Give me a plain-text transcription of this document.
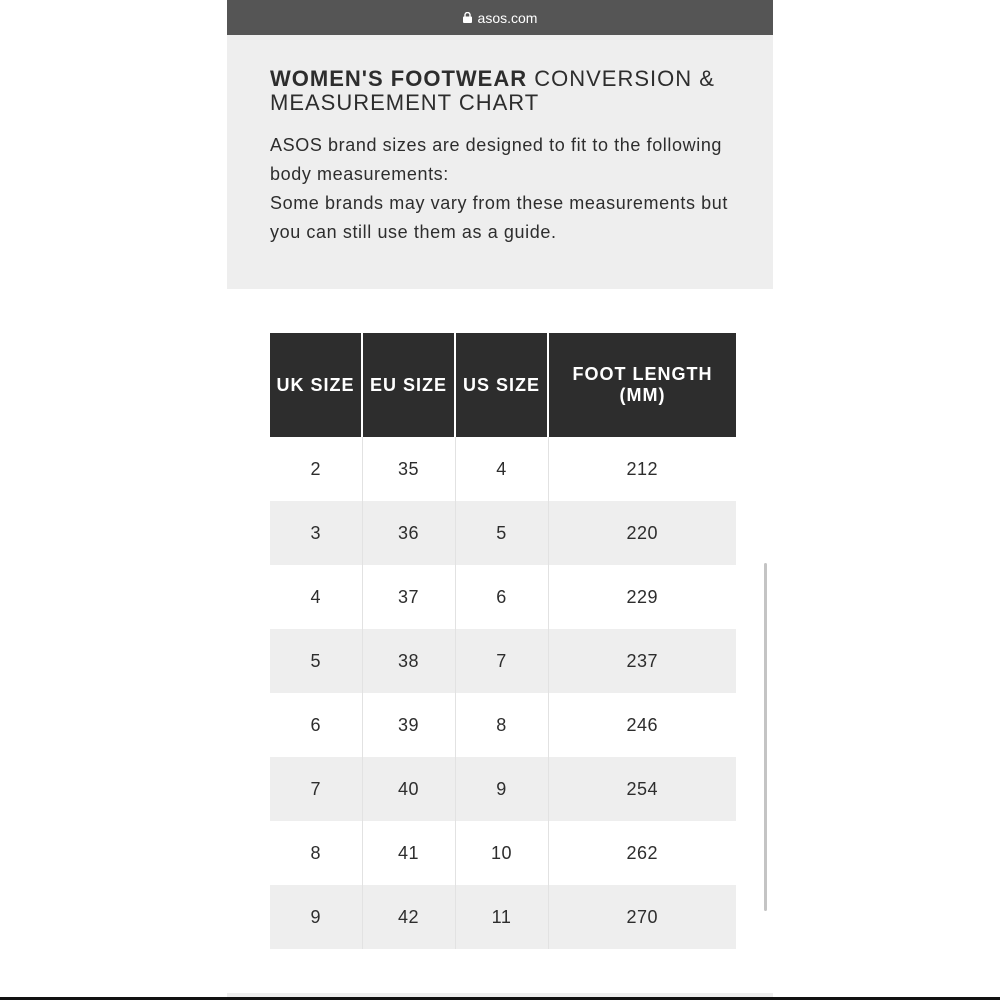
asos.com
WOMEN'S FOOTWEAR CONVERSION & MEASUREMENT CHART
ASOS brand sizes are designed to fit to the following body measurements:
Some brands may vary from these measurements but you can still use them as a guide.
UK SIZE	EU SIZE	US SIZE	FOOT LENGTH (MM)
2	35	4	212
3	36	5	220
4	37	6	229
5	38	7	237
6	39	8	246
7	40	9	254
8	41	10	262
9	42	11	270
